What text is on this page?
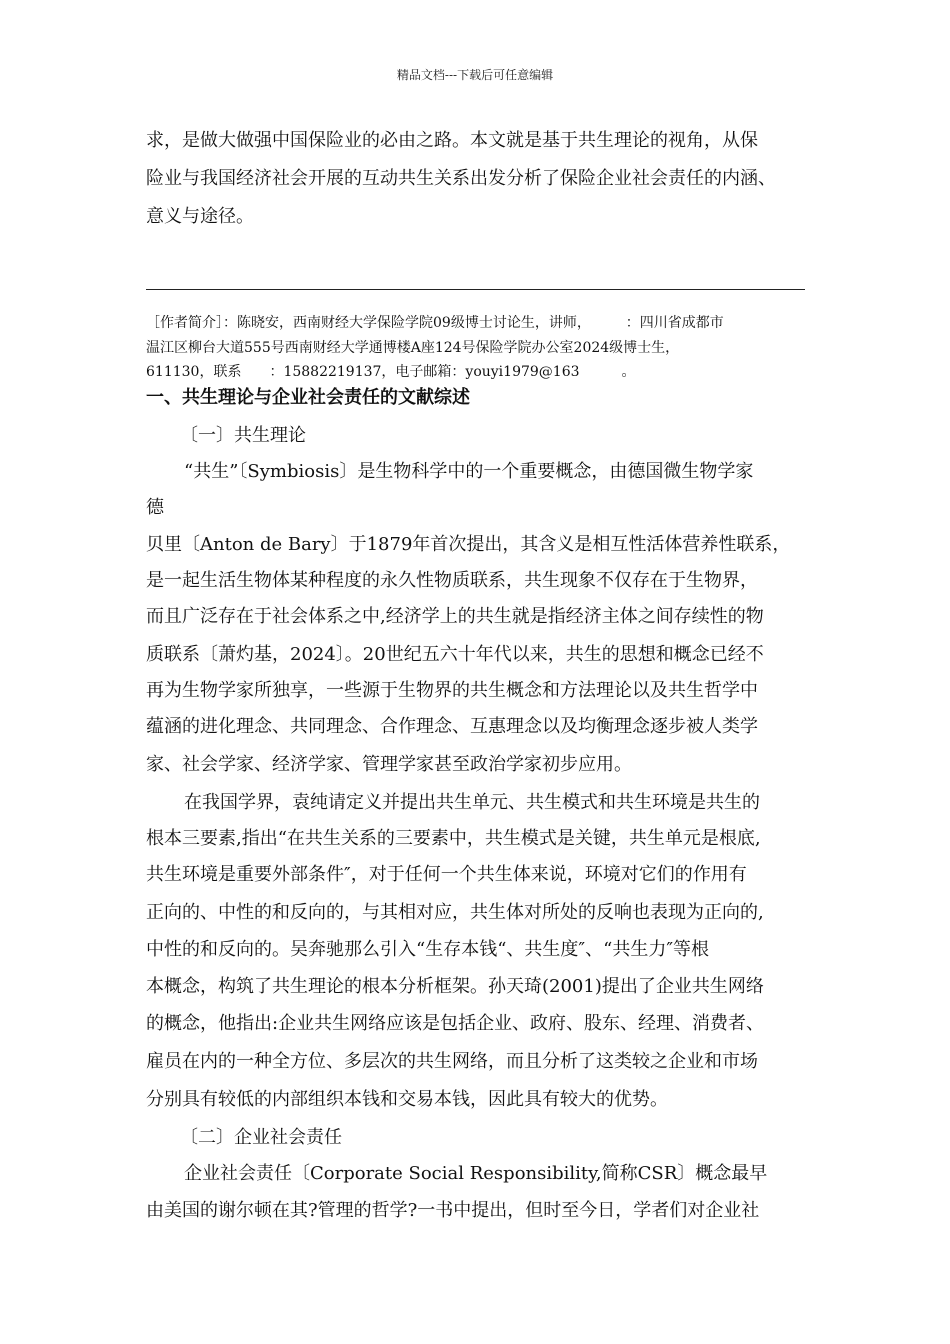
精品文档---下载后可任意编辑
求，是做大做强中国保险业的必由之路。本文就是基于共生理论的视角，从保
险业与我国经济社会开展的互动共生关系出发分析了保险企业社会责任的内涵、
意义与途径。
［作者简介］：陈晓安，西南财经大学保险学院09级博士讨论生，讲师，　　　：四川省成都市
温江区柳台大道555号西南财经大学通博楼A座124号保险学院办公室2024级博士生，
611130，联系　　：15882219137，电子邮箱：youyi1979@163　　　。
一、共生理论与企业社会责任的文献综述
〔一〕共生理论
“共生”〔Symbiosis〕是生物科学中的一个重要概念，由德国微生物学家
德
贝里〔Anton de Bary〕于1879年首次提出，其含义是相互性活体营养性联系，
是一起生活生物体某种程度的永久性物质联系，共生现象不仅存在于生物界，
而且广泛存在于社会体系之中,经济学上的共生就是指经济主体之间存续性的物
质联系〔萧灼基，2024〕。20世纪五六十年代以来，共生的思想和概念已经不
再为生物学家所独享，一些源于生物界的共生概念和方法理论以及共生哲学中
蕴涵的进化理念、共同理念、合作理念、互惠理念以及均衡理念逐步被人类学
家、社会学家、经济学家、管理学家甚至政治学家初步应用。
在我国学界，袁纯请定义并提出共生单元、共生模式和共生环境是共生的
根本三要素,指出“在共生关系的三要素中，共生模式是关键，共生单元是根底,
共生环境是重要外部条件″，对于任何一个共生体来说，环境对它们的作用有
正向的、中性的和反向的，与其相对应，共生体对所处的反响也表现为正向的,
中性的和反向的。吴奔驰那么引入“生存本钱“、共生度″、“共生力″等根
本概念，构筑了共生理论的根本分析框架。孙天琦(2001)提出了企业共生网络
的概念，他指出:企业共生网络应该是包括企业、政府、股东、经理、消费者、
雇员在内的一种全方位、多层次的共生网络，而且分析了这类较之企业和市场
分别具有较低的内部组织本钱和交易本钱，因此具有较大的优势。
〔二〕企业社会责任
企业社会责任〔Corporate Social Responsibility,简称CSR〕概念最早
由美国的谢尔顿在其?管理的哲学?一书中提出，但时至今日，学者们对企业社
